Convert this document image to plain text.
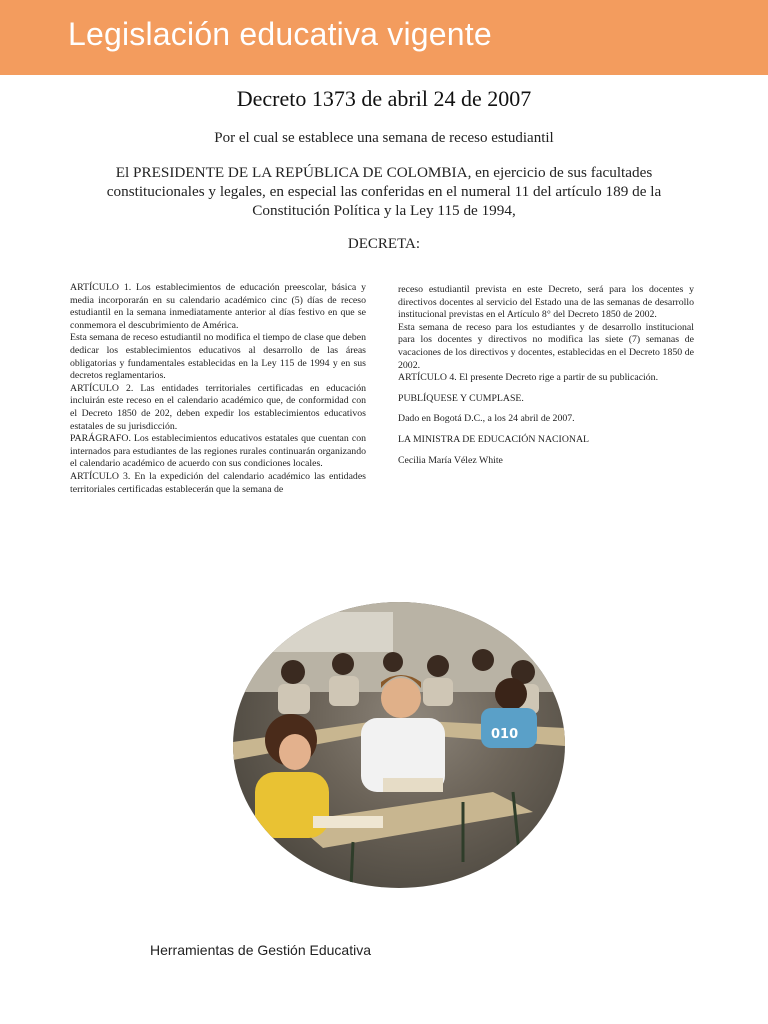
Legislación educativa vigente
Decreto 1373 de abril 24 de 2007
Por el cual se establece una semana de receso estudiantil
El PRESIDENTE DE LA REPÚBLICA DE COLOMBIA, en ejercicio de sus facultades constitucionales y legales, en especial las conferidas en el numeral 11 del artículo 189 de la Constitución Política y la Ley 115 de 1994,
DECRETA:

ARTÍCULO 1. Los establecimientos de educación preescolar, básica y media incorporarán en su calendario académico cinc (5) días de receso estudiantil en la semana inmediatamente anterior al días festivo en que se conmemora el descubrimiento de América.

Esta semana de receso estudiantil no modifica el tiempo de clase que deben dedicar los establecimientos educativos al desarrollo de las áreas obligatorias y fundamentales establecidas en la Ley 115 de 1994 y en sus decretos reglamentarios.

ARTÍCULO 2. Las entidades territoriales certificadas en educación incluirán este receso en el calendario académico que, de conformidad con el Decreto 1850 de 202, deben expedir los establecimientos educativos estatales de su jurisdicción.

PARÁGRAFO. Los establecimientos educativos estatales que cuentan con internados para estudiantes de las regiones rurales continuarán organizando el calendario académico de acuerdo con sus condiciones locales.

ARTÍCULO 3. En la expedición del calendario académico las entidades territoriales certificadas establecerán que la semana de

receso estudiantil prevista en este Decreto, será para los docentes y directivos docentes al servicio del Estado una de las semanas de desarrollo institucional previstas en el Artículo 8° del Decreto 1850 de 2002.

Esta semana de receso para los estudiantes y de desarrollo institucional para los docentes y directivos no modifica las siete (7) semanas de vacaciones de los directivos y docentes, establecidas en el Decreto 1850 de 2002.

ARTÍCULO 4. El presente Decreto rige a partir de su publicación.

PUBLÍQUESE Y CUMPLASE.

Dado en Bogotá D.C., a los 24 abril de 2007.

LA MINISTRA DE EDUCACIÓN NACIONAL

Cecilia María Vélez White

010
Herramientas de Gestión Educativa
